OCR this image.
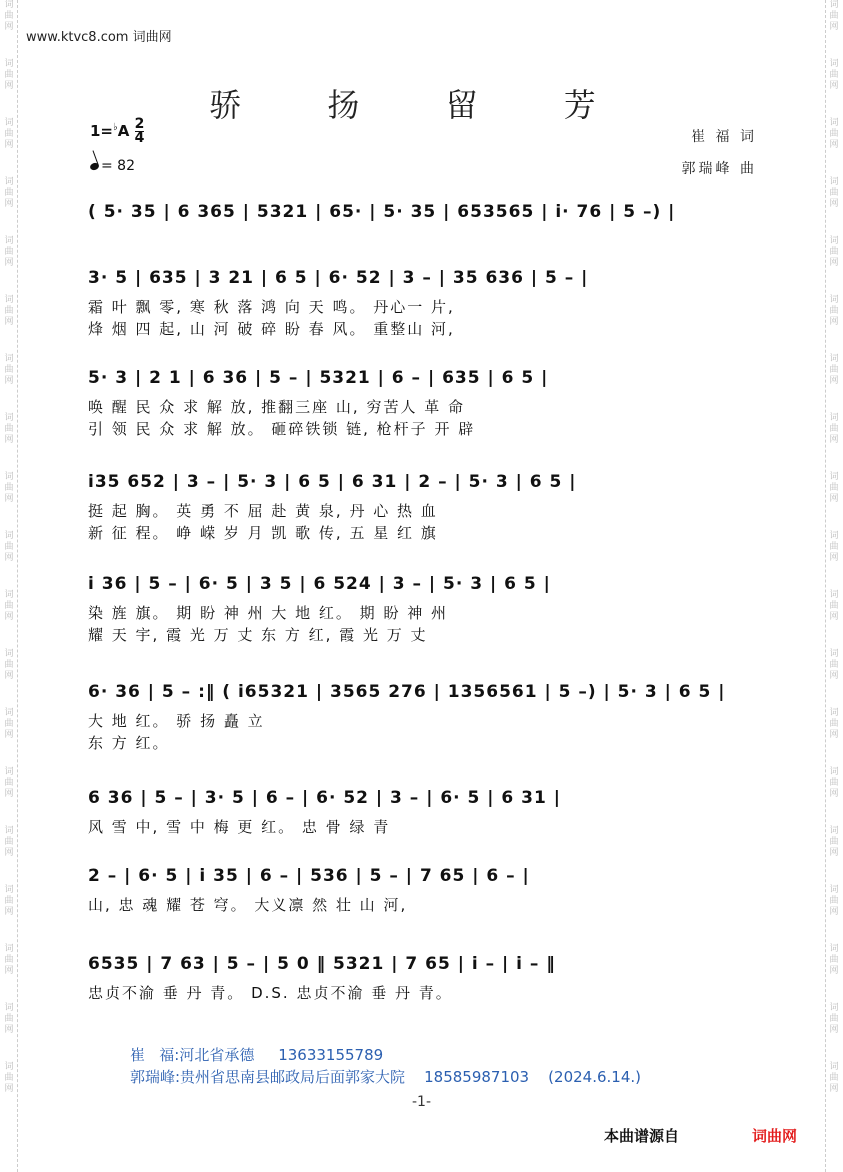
词
曲
网
词
曲
网
词
曲
网
词
曲
网
词
曲
网
词
曲
网
词
曲
网
词
曲
网
词
曲
网
词
曲
网
词
曲
网
词
曲
网
词
曲
网
词
曲
网
词
曲
网
词
曲
网
词
曲
网
词
曲
网
词
曲
网
词
曲
网
词
曲
网
词
曲
网
词
曲
网
词
曲
网
词
曲
网
词
曲
网
词
曲
网
词
曲
网
词
曲
网
词
曲
网
词
曲
网
词
曲
网
词
曲
网
词
曲
网
词
曲
网
词
曲
网
词
曲
网
词
曲
网
www.ktvc8.com 词曲网
骄 扬 留 芳
$1=^♭A \frac{2}{4}$
= 82
崔 福 词
郭瑞峰 曲
( 5· 35 | 6 365 | 5321 | 65· | 5· 35 | 653565 | i· 76 | 5 –) |
3· 5 | 635 | 3 21 | 6 5 | 6· 52 | 3 – | 35 636 | 5 – |
霜 叶 飘 零, 寒 秋 落 鸿 向 天 鸣。 丹心一 片,
烽 烟 四 起, 山 河 破 碎 盼 春 风。 重整山 河,
5· 3 | 2 1 | 6 36 | 5 – | 5321 | 6 – | 635 | 6 5 |
唤 醒 民 众 求 解 放, 推翻三座 山, 穷苦人 革 命
引 领 民 众 求 解 放。 砸碎铁锁 链, 枪杆子 开 辟
i35 652 | 3 – | 5· 3 | 6 5 | 6 31 | 2 – | 5· 3 | 6 5 |
挺 起 胸。 英 勇 不 屈 赴 黄 泉, 丹 心 热 血
新 征 程。 峥 嵘 岁 月 凯 歌 传, 五 星 红 旗
i 36 | 5 – | 6· 5 | 3 5 | 6 524 | 3 – | 5· 3 | 6 5 |
染 旌 旗。 期 盼 神 州 大 地 红。 期 盼 神 州
耀 天 宇, 霞 光 万 丈 东 方 红, 霞 光 万 丈
6· 36 | 5 – :‖ ( i65321 | 3565 276 | 1356561 | 5 –) | 5· 3 | 6 5 |
大 地 红。 骄 扬 矗 立
东 方 红。
6 36 | 5 – | 3· 5 | 6 – | 6· 52 | 3 – | 6· 5 | 6 31 |
风 雪 中, 雪 中 梅 更 红。 忠 骨 绿 青
2 – | 6· 5 | i 35 | 6 – | 536 | 5 – | 7 65 | 6 – |
山, 忠 魂 耀 苍 穹。 大义凛 然 壮 山 河,
6535 | 7 63 | 5 – | 5 0 ‖ 5321 | 7 65 | i – | i – ‖
忠贞不渝 垂 丹 青。 D.S. 忠贞不渝 垂 丹 青。
崔   福:河北省承德     13633155789
郭瑞峰:贵州省思南县邮政局后面郭家大院    18585987103    (2024.6.14.)
-1-
本曲谱源自	词曲网
